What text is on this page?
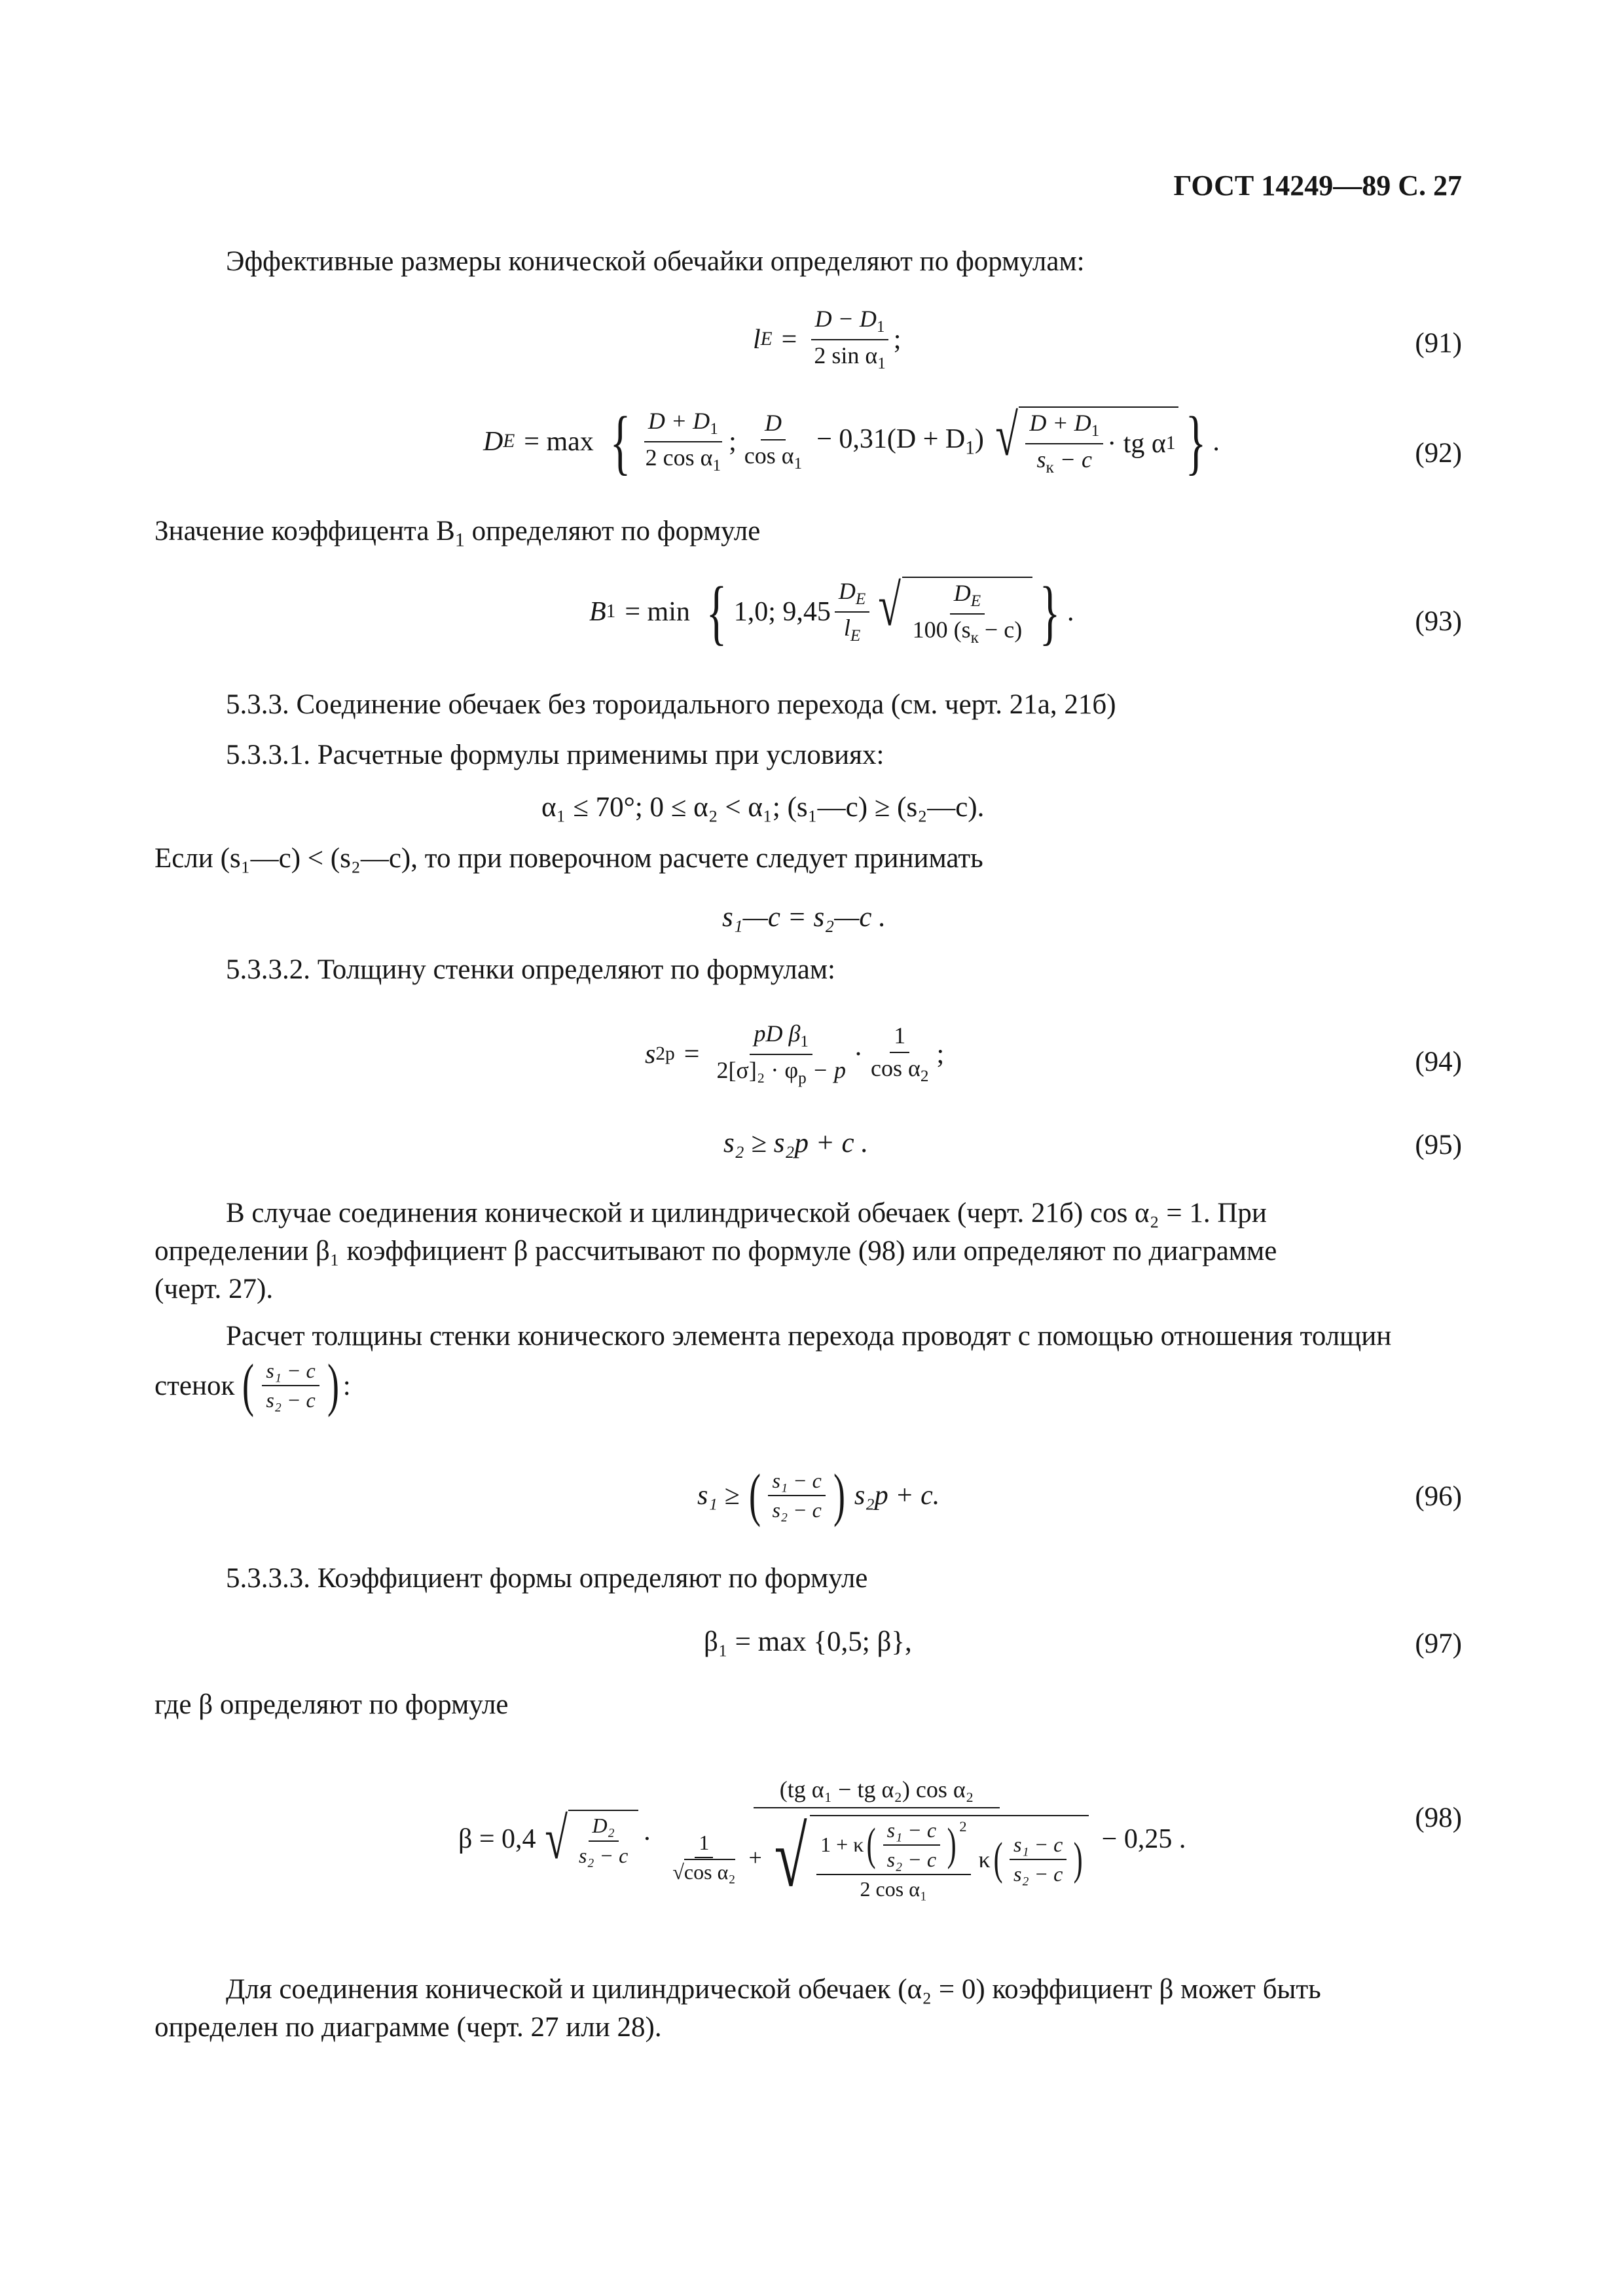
ГОСТ 14249—89 С. 27
Эффективные размеры конической обечайки определяют по формулам:
l $E = \frac{D - D_1}{2 \sin \alpha_1}$ ;	(91)
D E = max { $\frac{D + D_1}{2 \cos \alpha_1}$ ; $\frac{D}{\cos \alpha_1} - 0,31(D + D_1)$ √ $\frac{D + D_1}{s_к - c}$ · tg α 1 } .	(92)
Значение коэффицента $B_1$ определяют по формуле
B 1 = min { 1,0; $9,45 \frac{D_E}{l_E}$ √ $\frac{D_E}{100 (s_к - c)}$ } .	(93)
5.3.3. Соединение обечаек без тороидального перехода (см. черт. 21а, 21б)
5.3.3.1. Расчетные формулы применимы при условиях:
α₁ ≤ 70°; 0 ≤ α₂ < α₁; (s₁—c) ≥ (s₂—c).
Если (s₁—c) < (s₂—c), то при поверочном расчете следует принимать
s₁—c = s₂—c .
5.3.3.2. Толщину стенки определяют по формулам:
s $2р = \frac{pD \beta_1}{2[\sigma]_2 \cdot \varphi_р - p} \cdot \frac{1}{\cos \alpha_2}$ ;	(94)
s₂ ≥ s₂р + c .	(95)
В случае соединения конической и цилиндрической обечаек (черт. 21б) cos α₂ = 1. При
определении β₁ коэффициент β рассчитывают по формуле (98) или определяют по диаграмме
(черт. 27).
Расчет толщины стенки конического элемента перехода проводят с помощью отношения толщин
стенок ( $\frac{\text{s₁ − c}}{\text{s₂ − c}}$ ) :
s₁ ≥ ( $\frac{\text{s₁ − c}}{\text{s₂ − c}}$ ) s₂р + c.	(96)
5.3.3.3. Коэффициент формы определяют по формуле
β₁ = max {0,5; β},	(97)
где β определяют по формуле
β = 0,4 √ $\frac{\text{D₂}}{\text{s₂ − c}}$ ·
(tg α₁ − tg α₂) cos α₂
$\frac{1}{\text{√cos α₂}}$ + √ 1 + κ ( $\frac{\text{s₁ − c}}{\text{s₂ − c}} )^2$
2 cos α₁
κ ( $\frac{\text{s₁ − c}}{\text{s₂ − c}}$ ) − 0,25 .
(98)
Для соединения конической и цилиндрической обечаек (α₂ = 0) коэффициент β может быть
определен по диаграмме (черт. 27 или 28).
